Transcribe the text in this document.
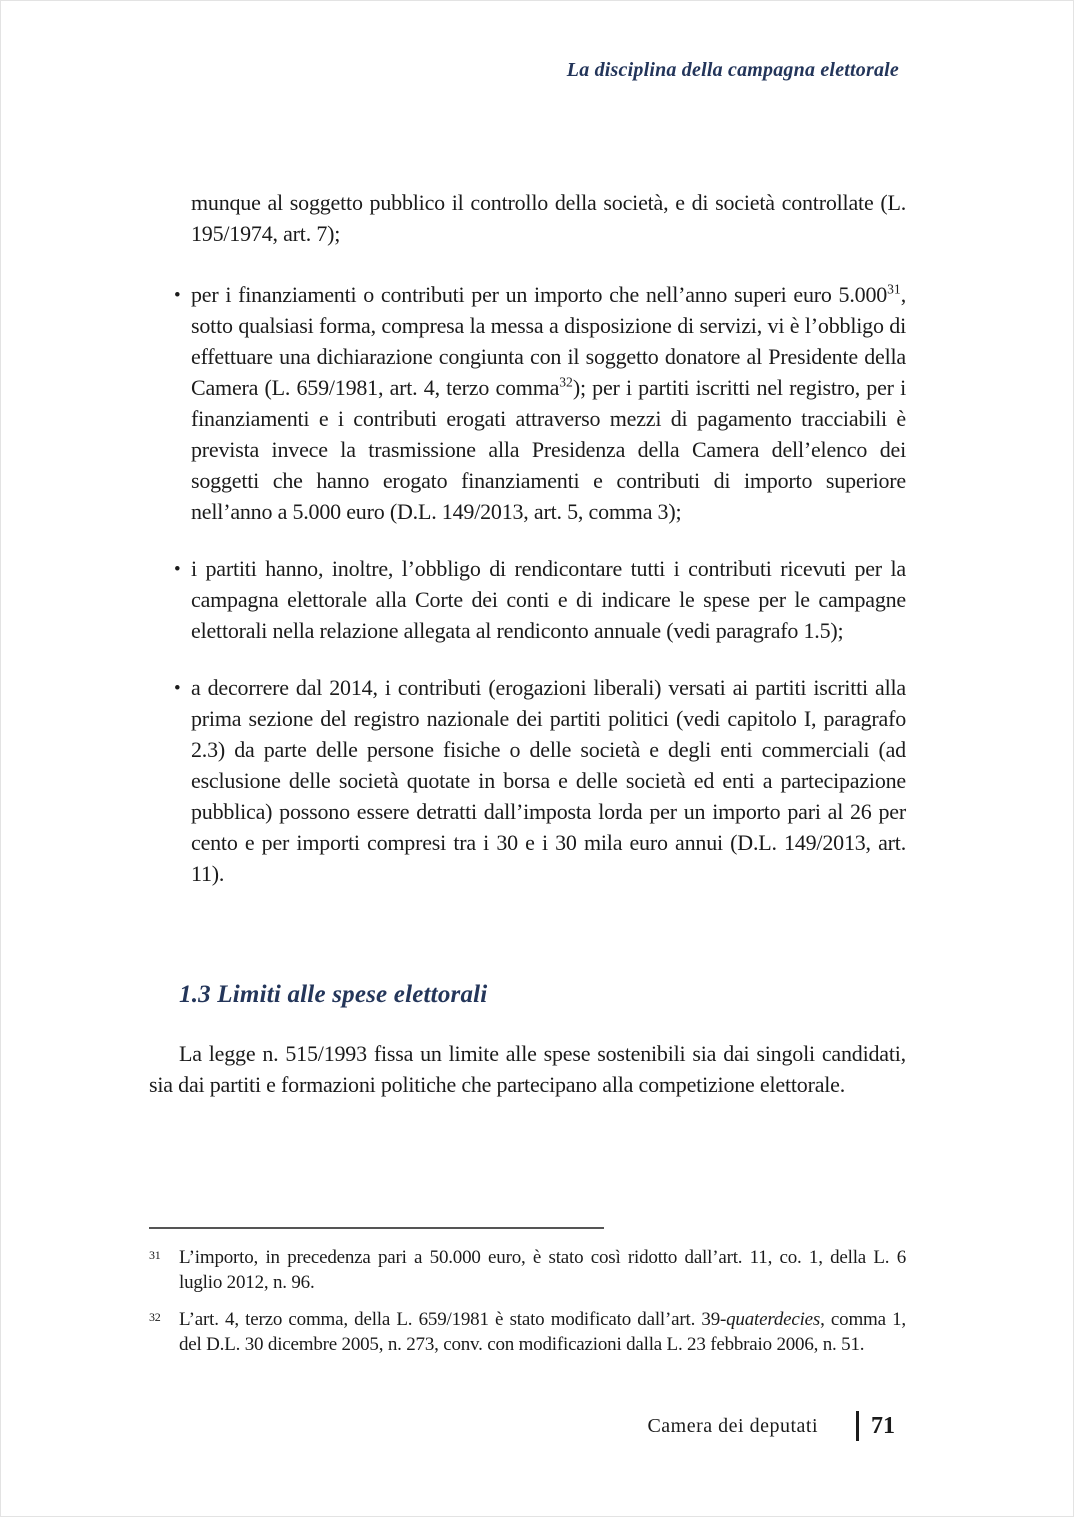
La disciplina della campagna elettorale

munque al soggetto pubblico il controllo della società, e di società controllate (L. 195/1974, art. 7);

• per i finanziamenti o contributi per un importo che nell’anno superi euro 5.000$^{31}$, sotto qualsiasi forma, compresa la messa a disposizione di servizi, vi è l’obbligo di effettuare una dichiarazione congiunta con il soggetto donatore al Presidente della Camera (L. 659/1981, art. 4, terzo comma$^{32}$); per i partiti iscritti nel registro, per i finanziamenti e i contributi erogati attraverso mezzi di pagamento tracciabili è prevista invece la trasmissione alla Presidenza della Camera dell’elenco dei soggetti che hanno erogato finanziamenti e contributi di importo superiore nell’anno a 5.000 euro (D.L. 149/2013, art. 5, comma 3);
• i partiti hanno, inoltre, l’obbligo di rendicontare tutti i contributi ricevuti per la campagna elettorale alla Corte dei conti e di indicare le spese per le campagne elettorali nella relazione allegata al rendiconto annuale (vedi paragrafo 1.5);
• a decorrere dal 2014, i contributi (erogazioni liberali) versati ai partiti iscritti alla prima sezione del registro nazionale dei partiti politici (vedi capitolo I, paragrafo 2.3) da parte delle persone fisiche o delle società e degli enti commerciali (ad esclusione delle società quotate in borsa e delle società ed enti a partecipazione pubblica) possono essere detratti dall’imposta lorda per un importo pari al 26 per cento e per importi compresi tra i 30 e i 30 mila euro annui (D.L. 149/2013, art. 11).
1.3 Limiti alle spese elettorali

La legge n. 515/1993 fissa un limite alle spese sostenibili sia dai singoli candidati, sia dai partiti e formazioni politiche che partecipano alla competizione elettorale.

31 L’importo, in precedenza pari a 50.000 euro, è stato così ridotto dall’art. 11, co. 1, della L. 6 luglio 2012, n. 96.
32 L’art. 4, terzo comma, della L. 659/1981 è stato modificato dall’art. 39-quaterdecies, comma 1, del D.L. 30 dicembre 2005, n. 273, conv. con modificazioni dalla L. 23 febbraio 2006, n. 51.
Camera dei deputati 71
